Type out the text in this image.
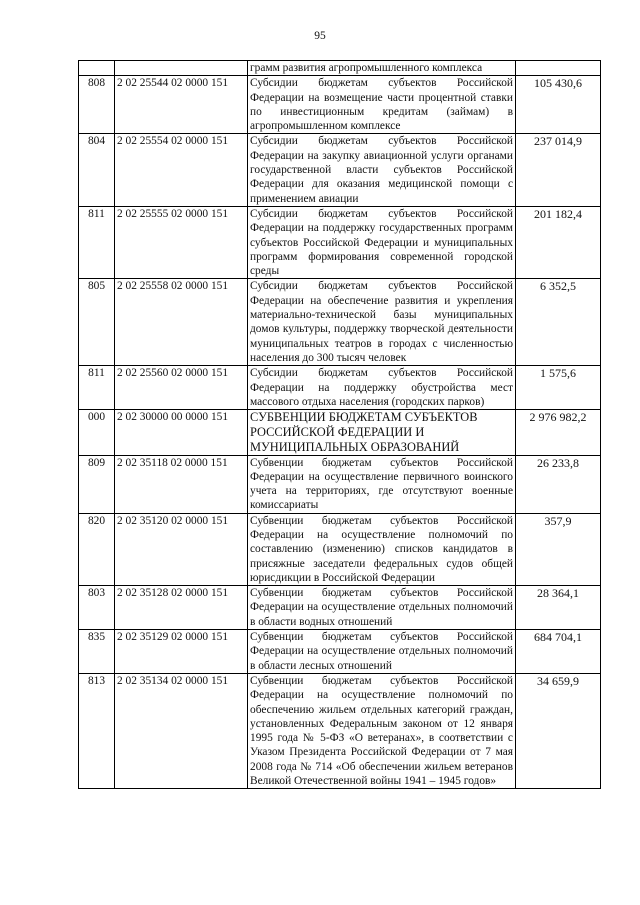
95
		грамм развития агропромышленного комплекса	
808	2 02 25544 02 0000 151	Субсидии бюджетам субъектов Российской Федерации на возмещение части процентной ставки по инвестиционным кредитам (займам) в агропромышленном комплексе	105 430,6
804	2 02 25554 02 0000 151	Субсидии бюджетам субъектов Российской Федерации на закупку авиационной услуги органами государственной власти субъектов Российской Федерации для оказания медицинской помощи с применением авиации	237 014,9
811	2 02 25555 02 0000 151	Субсидии бюджетам субъектов Российской Федерации на поддержку государственных программ субъектов Российской Федерации и муниципальных программ формирования современной городской среды	201 182,4
805	2 02 25558 02 0000 151	Субсидии бюджетам субъектов Российской Федерации на обеспечение развития и укрепления материально-технической базы муниципальных домов культуры, поддержку творческой деятельности муниципальных театров в городах с численностью населения до 300 тысяч человек	6 352,5
811	2 02 25560 02 0000 151	Субсидии бюджетам субъектов Российской Федерации на поддержку обустройства мест массового отдыха населения (городских парков)	1 575,6
000	2 02 30000 00 0000 151	СУБВЕНЦИИ БЮДЖЕТАМ СУБЪЕКТОВ РОССИЙСКОЙ ФЕДЕРАЦИИ И МУНИЦИПАЛЬНЫХ ОБРАЗОВАНИЙ	2 976 982,2
809	2 02 35118 02 0000 151	Субвенции бюджетам субъектов Российской Федерации на осуществление первичного воинского учета на территориях, где отсутствуют военные комиссариаты	26 233,8
820	2 02 35120 02 0000 151	Субвенции бюджетам субъектов Российской Федерации на осуществление полномочий по составлению (изменению) списков кандидатов в присяжные заседатели федеральных судов общей юрисдикции в Российской Федерации	357,9
803	2 02 35128 02 0000 151	Субвенции бюджетам субъектов Российской Федерации на осуществление отдельных полномочий в области водных отношений	28 364,1
835	2 02 35129 02 0000 151	Субвенции бюджетам субъектов Российской Федерации на осуществление отдельных полномочий в области лесных отношений	684 704,1
813	2 02 35134 02 0000 151	Субвенции бюджетам субъектов Российской Федерации на осуществление полномочий по обеспечению жильем отдельных категорий граждан, установленных Федеральным законом от 12 января 1995 года № 5-ФЗ «О ветеранах», в соответствии с Указом Президента Российской Федерации от 7 мая 2008 года № 714 «Об обеспечении жильем ветеранов Великой Отечественной войны 1941 – 1945 годов»	34 659,9
